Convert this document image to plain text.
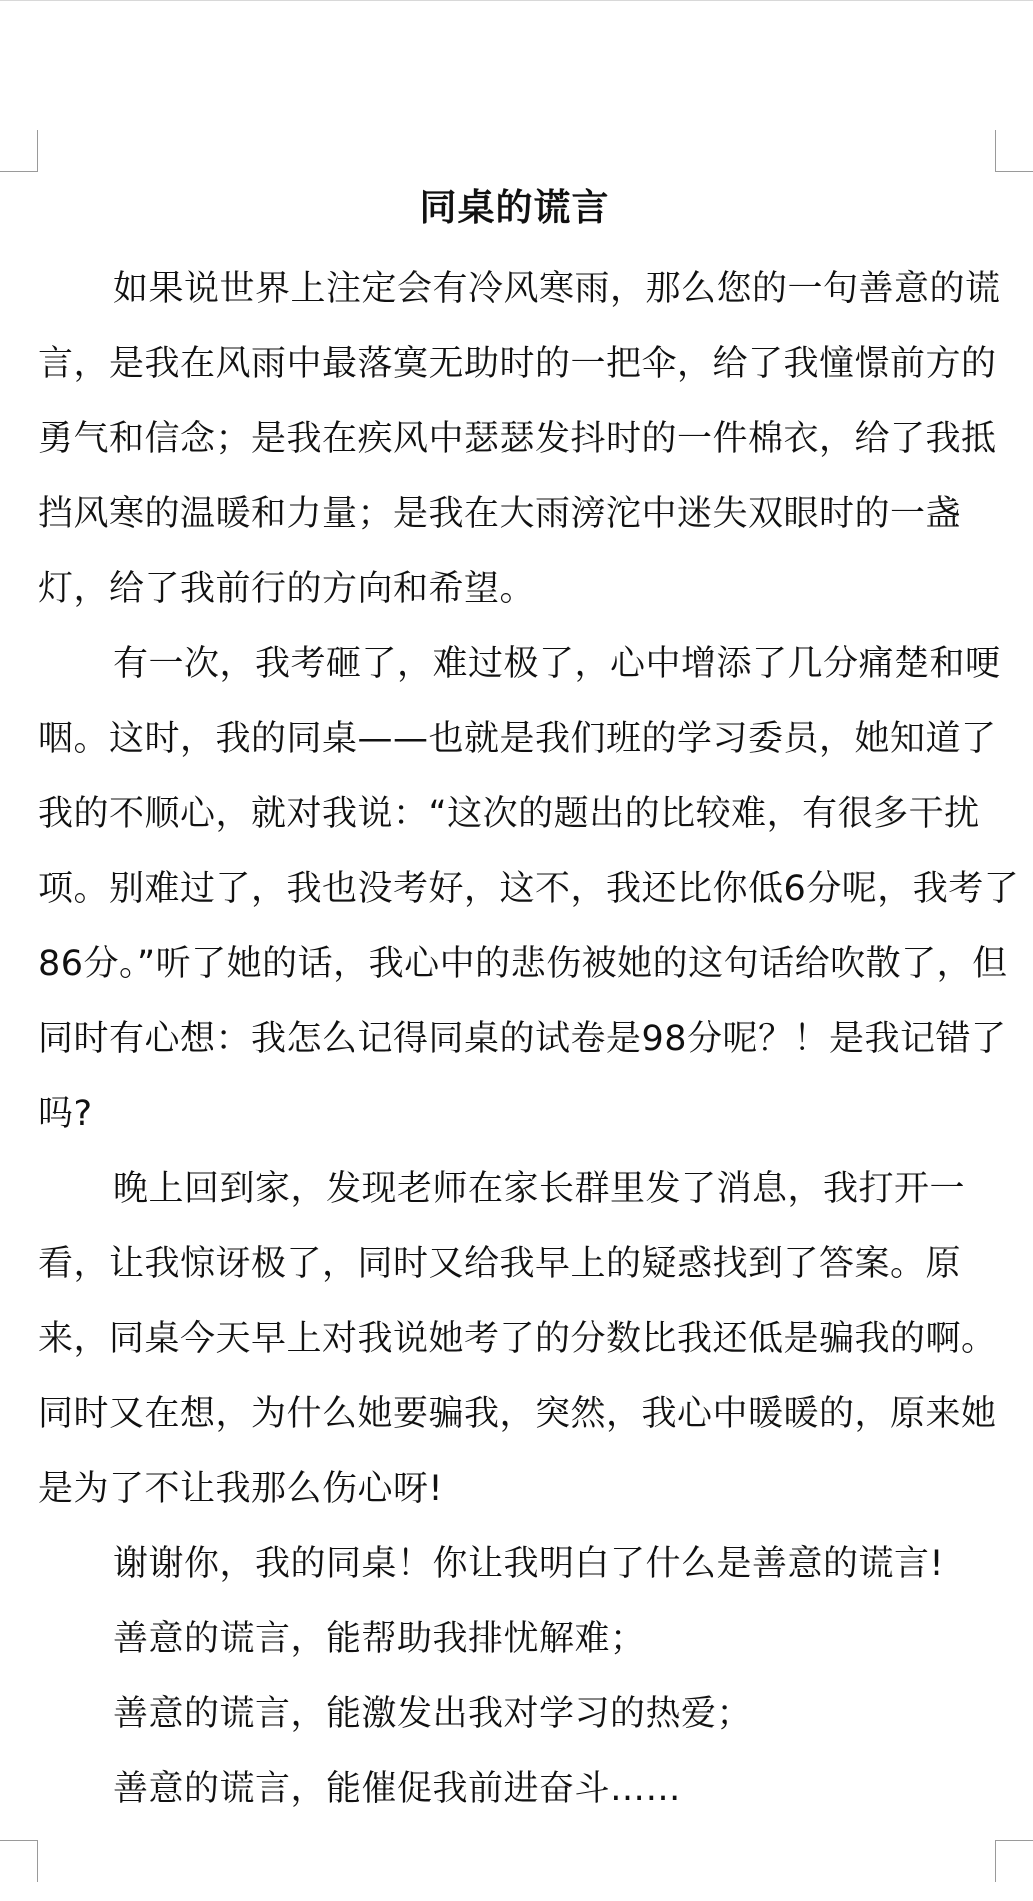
同桌的谎言

如果说世界上注定会有冷风寒雨，那么您的一句善意的谎言，是我在风雨中最落寞无助时的一把伞，给了我憧憬前方的勇气和信念；是我在疾风中瑟瑟发抖时的一件棉衣，给了我抵挡风寒的温暖和力量；是我在大雨滂沱中迷失双眼时的一盏灯，给了我前行的方向和希望。

有一次，我考砸了，难过极了，心中增添了几分痛楚和哽咽。这时，我的同桌——也就是我们班的学习委员，她知道了我的不顺心，就对我说：“这次的题出的比较难，有很多干扰项。别难过了，我也没考好，这不，我还比你低6分呢，我考了86分。”听了她的话，我心中的悲伤被她的这句话给吹散了，但同时有心想：我怎么记得同桌的试卷是98分呢？！是我记错了吗?

晚上回到家，发现老师在家长群里发了消息，我打开一看，让我惊讶极了，同时又给我早上的疑惑找到了答案。原来，同桌今天早上对我说她考了的分数比我还低是骗我的啊。同时又在想，为什么她要骗我，突然，我心中暖暖的，原来她是为了不让我那么伤心呀!

谢谢你，我的同桌！你让我明白了什么是善意的谎言!

善意的谎言，能帮助我排忧解难；

善意的谎言，能激发出我对学习的热爱；

善意的谎言，能催促我前进奋斗……
